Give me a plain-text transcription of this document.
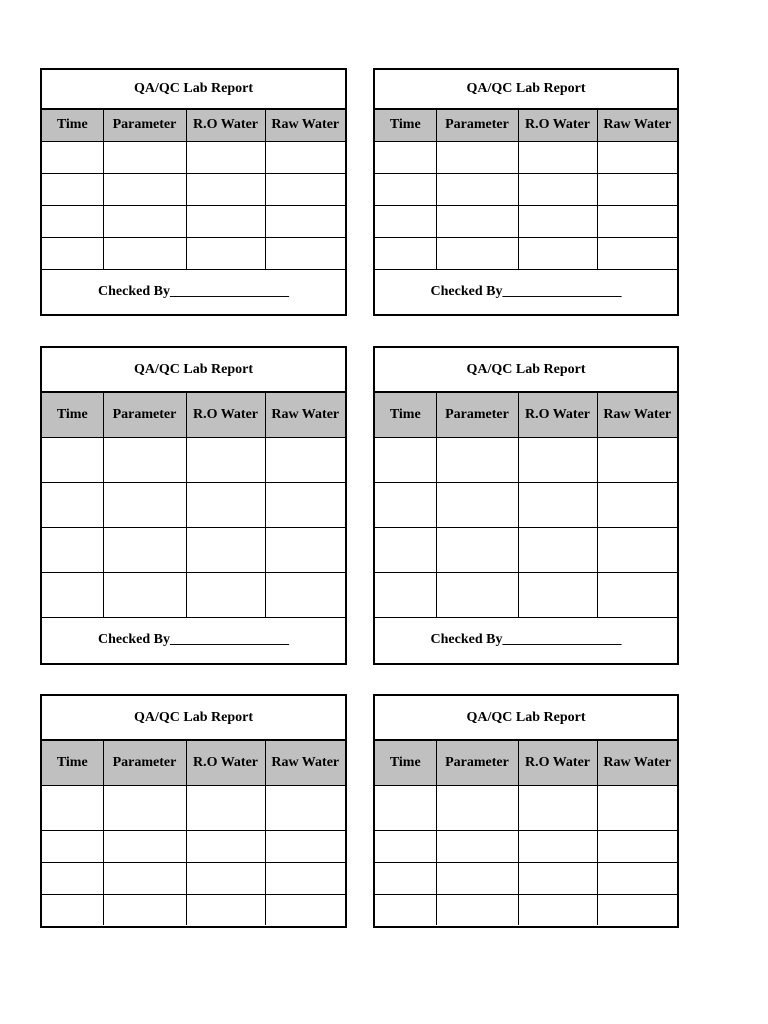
QA/QC Lab Report			
Time	Parameter	R.O Water	Raw Water

Checked By_________________			
QA/QC Lab Report			
Time	Parameter	R.O Water	Raw Water

Checked By_________________			
QA/QC Lab Report			
Time	Parameter	R.O Water	Raw Water

Checked By_________________			
QA/QC Lab Report			
Time	Parameter	R.O Water	Raw Water

Checked By_________________			
QA/QC Lab Report			
Time	Parameter	R.O Water	Raw Water

QA/QC Lab Report			
Time	Parameter	R.O Water	Raw Water
